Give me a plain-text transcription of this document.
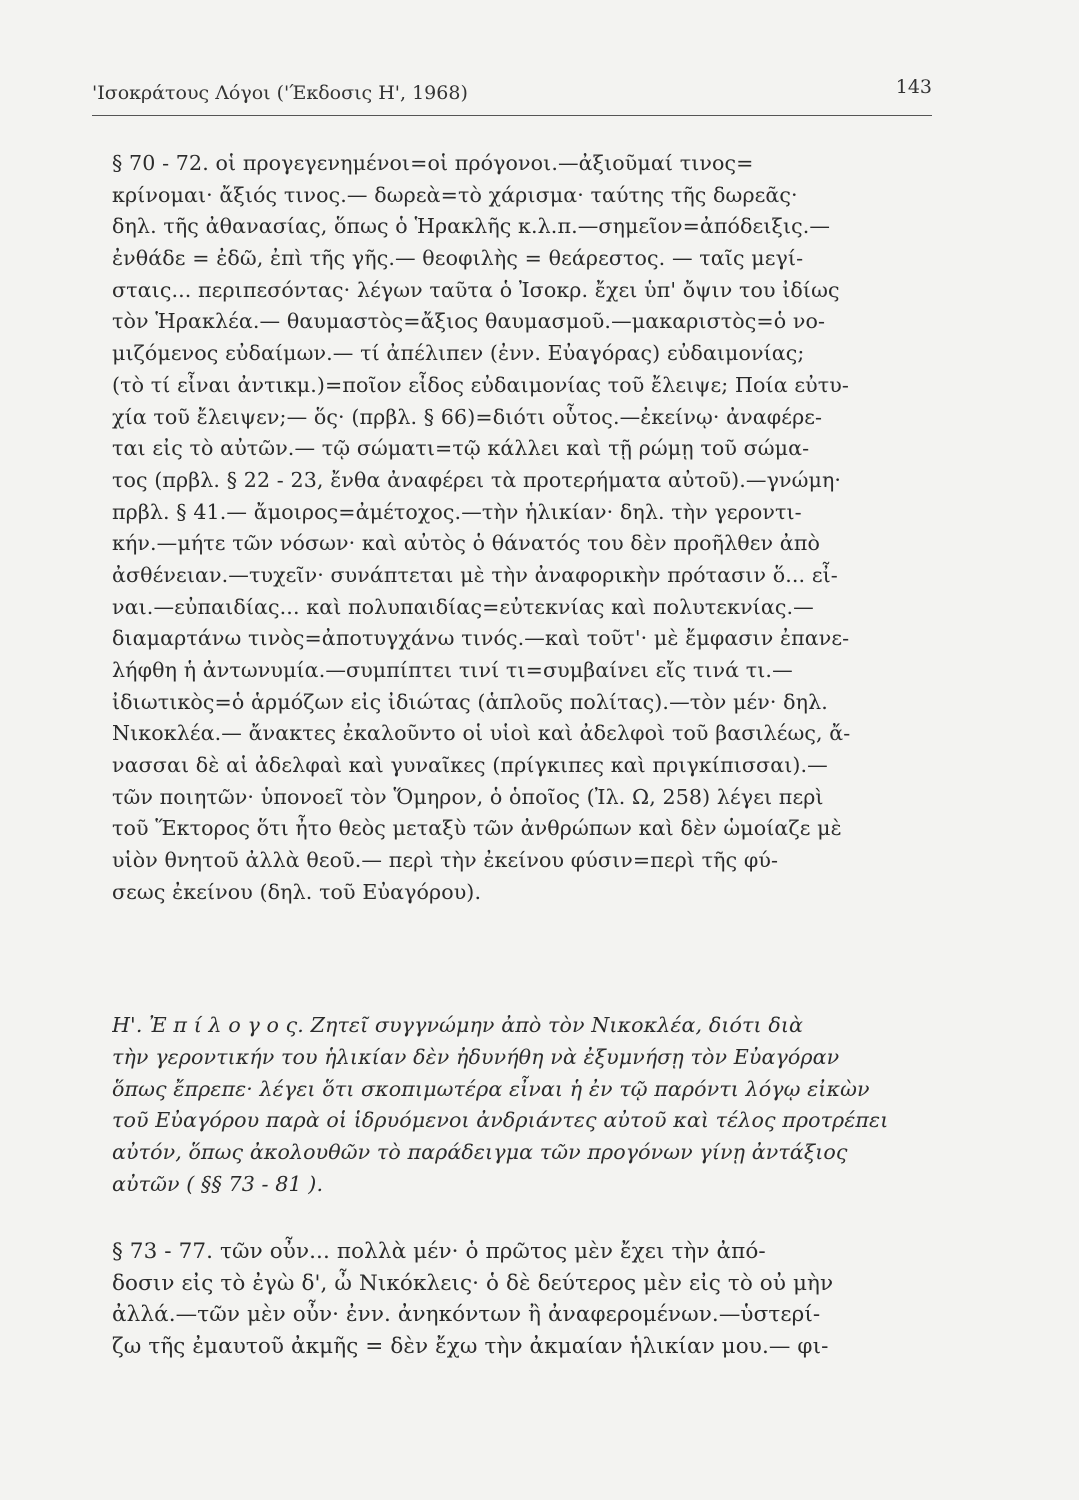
'Ισοκράτους Λόγοι ('Έκδοσις Η', 1968)	143
§ 70 - 72. οἱ προγεγενημένοι=οἱ πρόγονοι.—ἀξιοῦμαί τινος=
κρίνομαι· ἄξιός τινος.— δωρεὰ=τὸ χάρισμα· ταύτης τῆς δωρεᾶς·
δηλ. τῆς ἀθανασίας, ὅπως ὁ Ἡρακλῆς κ.λ.π.—σημεῖον=ἀπόδειξις.—
ἐνθάδε = ἐδῶ, ἐπὶ τῆς γῆς.— θεοφιλὴς = θεάρεστος. — ταῖς μεγί-
σταις... περιπεσόντας· λέγων ταῦτα ὁ Ἰσοκρ. ἔχει ὑπ' ὄψιν του ἰδίως
τὸν Ἡρακλέα.— θαυμαστὸς=ἄξιος θαυμασμοῦ.—μακαριστὸς=ὁ νο-
μιζόμενος εὐδαίμων.— τί ἀπέλιπεν (ἐνν. Εὐαγόρας) εὐδαιμονίας;
(τὸ τί εἶναι ἀντικμ.)=ποῖον εἶδος εὐδαιμονίας τοῦ ἔλειψε; Ποία εὐτυ-
χία τοῦ ἔλειψεν;— ὅς· (πρβλ. § 66)=διότι οὗτος.—ἐκείνῳ· ἀναφέρε-
ται εἰς τὸ αὐτῶν.— τῷ σώματι=τῷ κάλλει καὶ τῇ ρώμῃ τοῦ σώμα-
τος (πρβλ. § 22 - 23, ἔνθα ἀναφέρει τὰ προτερήματα αὐτοῦ).—γνώμη·
πρβλ. § 41.— ἄμοιρος=ἀμέτοχος.—τὴν ἡλικίαν· δηλ. τὴν γεροντι-
κήν.—μήτε τῶν νόσων· καὶ αὐτὸς ὁ θάνατός του δὲν προῆλθεν ἀπὸ
ἀσθένειαν.—τυχεῖν· συνάπτεται μὲ τὴν ἀναφορικὴν πρότασιν ὅ... εἶ-
ναι.—εὐπαιδίας... καὶ πολυπαιδίας=εὐτεκνίας καὶ πολυτεκνίας.—
διαμαρτάνω τινὸς=ἀποτυγχάνω τινός.—καὶ τοῦτ'· μὲ ἔμφασιν ἐπανε-
λήφθη ἡ ἀντωνυμία.—συμπίπτει τινί τι=συμβαίνει εἴς τινά τι.—
ἰδιωτικὸς=ὁ ἁρμόζων εἰς ἰδιώτας (ἁπλοῦς πολίτας).—τὸν μέν· δηλ.
Νικοκλέα.— ἄνακτες ἐκαλοῦντο οἱ υἱοὶ καὶ ἀδελφοὶ τοῦ βασιλέως, ἄ-
νασσαι δὲ αἱ ἀδελφαὶ καὶ γυναῖκες (πρίγκιπες καὶ πριγκίπισσαι).—
τῶν ποιητῶν· ὑπονοεῖ τὸν Ὅμηρον, ὁ ὁποῖος (Ἰλ. Ω, 258) λέγει περὶ
τοῦ Ἕκτορος ὅτι ἦτο θεὸς μεταξὺ τῶν ἀνθρώπων καὶ δὲν ὡμοίαζε μὲ
υἱὸν θνητοῦ ἀλλὰ θεοῦ.— περὶ τὴν ἐκείνου φύσιν=περὶ τῆς φύ-
σεως ἐκείνου (δηλ. τοῦ Εὐαγόρου).
Η'. Ἐ π ί λ ο γ ο ς. Ζητεῖ συγγνώμην ἀπὸ τὸν Νικοκλέα, διότι διὰ
τὴν γεροντικήν του ἡλικίαν δὲν ἠδυνήθη νὰ ἐξυμνήσῃ τὸν Εὐαγόραν
ὅπως ἔπρεπε· λέγει ὅτι σκοπιμωτέρα εἶναι ἡ ἐν τῷ παρόντι λόγῳ εἰκὼν
τοῦ Εὐαγόρου παρὰ οἱ ἱδρυόμενοι ἀνδριάντες αὐτοῦ καὶ τέλος προτρέπει
αὐτόν, ὅπως ἀκολουθῶν τὸ παράδειγμα τῶν προγόνων γίνῃ ἀντάξιος
αὐτῶν ( §§ 73 - 81 ).
§ 73 - 77. τῶν οὖν... πολλὰ μέν· ὁ πρῶτος μὲν ἔχει τὴν ἀπό-
δοσιν εἰς τὸ ἐγὼ δ', ὦ Νικόκλεις· ὁ δὲ δεύτερος μὲν εἰς τὸ οὐ μὴν
ἀλλά.—τῶν μὲν οὖν· ἐνν. ἀνηκόντων ἢ ἀναφερομένων.—ὑστερί-
ζω τῆς ἐμαυτοῦ ἀκμῆς = δὲν ἔχω τὴν ἀκμαίαν ἡλικίαν μου.— φι-
